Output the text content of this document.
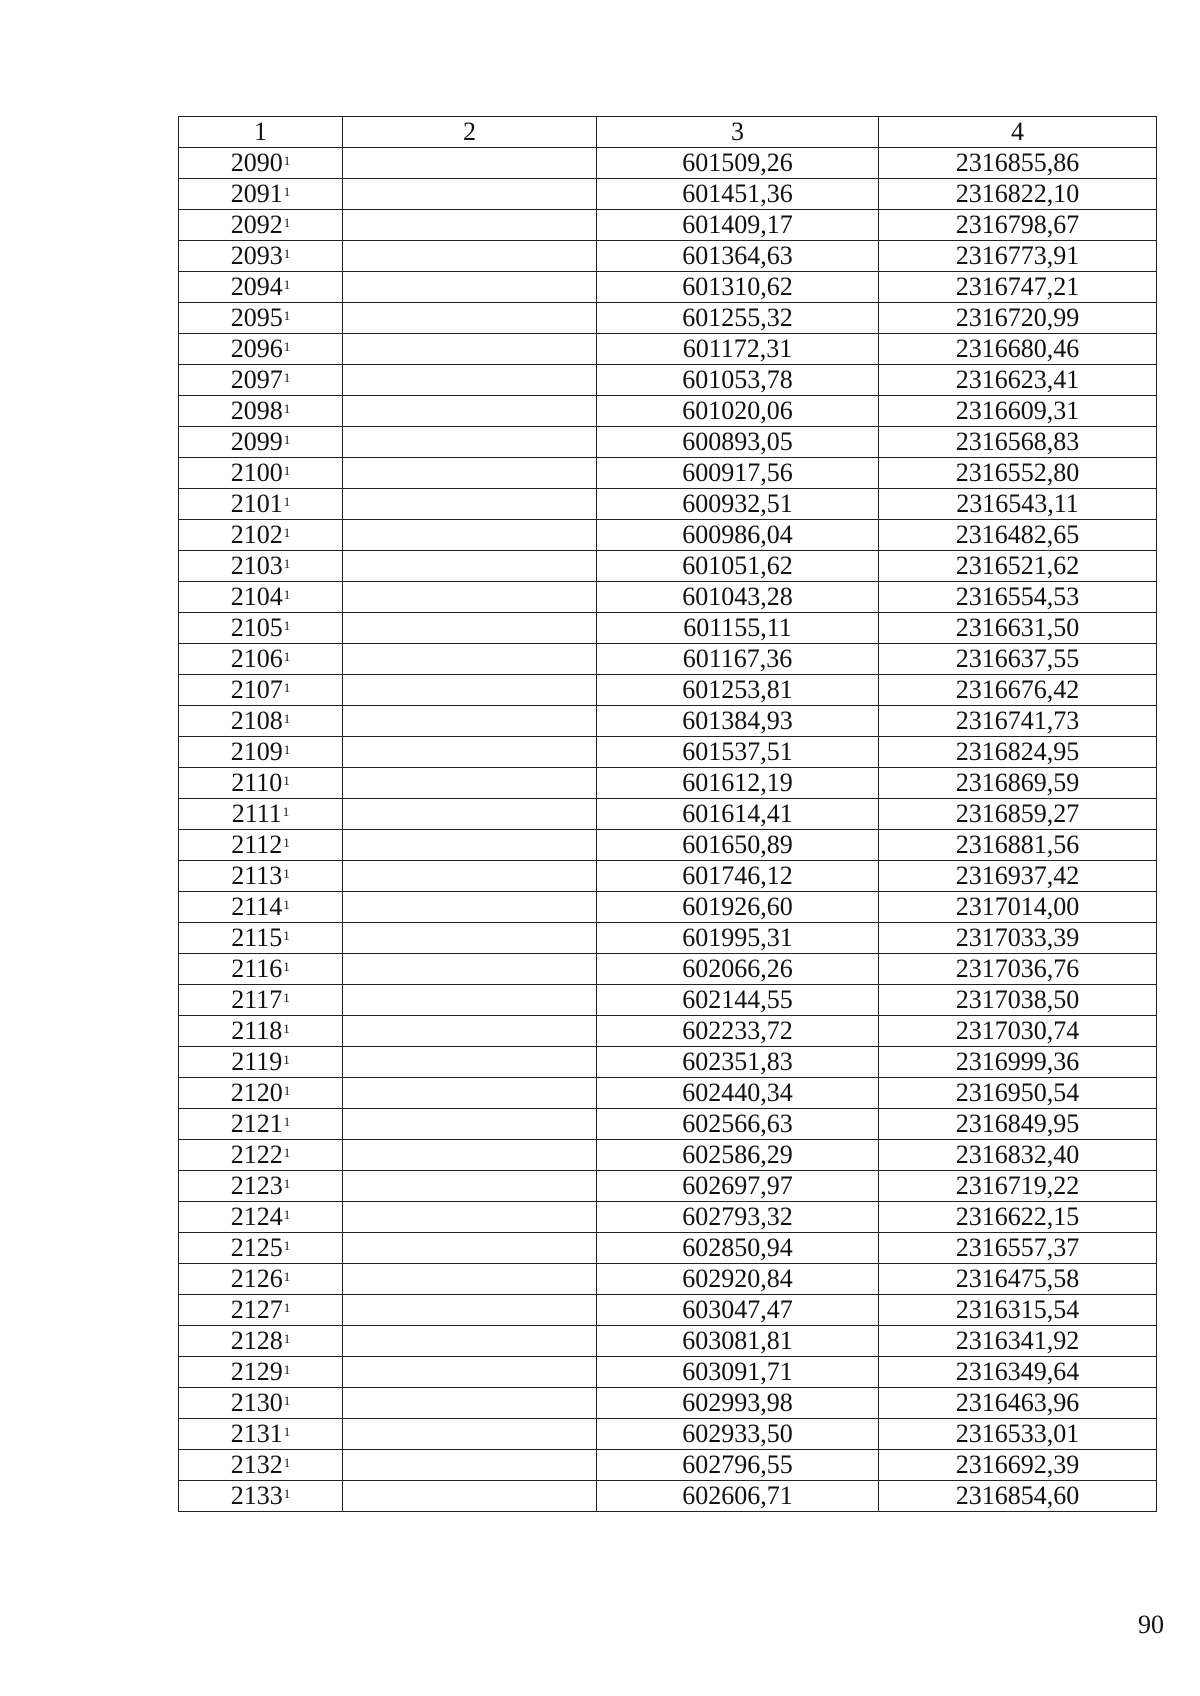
1	2	3	4
2090$^1$		601509,26	2316855,86
2091$^1$		601451,36	2316822,10
2092$^1$		601409,17	2316798,67
2093$^1$		601364,63	2316773,91
2094$^1$		601310,62	2316747,21
2095$^1$		601255,32	2316720,99
2096$^1$		601172,31	2316680,46
2097$^1$		601053,78	2316623,41
2098$^1$		601020,06	2316609,31
2099$^1$		600893,05	2316568,83
2100$^1$		600917,56	2316552,80
2101$^1$		600932,51	2316543,11
2102$^1$		600986,04	2316482,65
2103$^1$		601051,62	2316521,62
2104$^1$		601043,28	2316554,53
2105$^1$		601155,11	2316631,50
2106$^1$		601167,36	2316637,55
2107$^1$		601253,81	2316676,42
2108$^1$		601384,93	2316741,73
2109$^1$		601537,51	2316824,95
2110$^1$		601612,19	2316869,59
2111$^1$		601614,41	2316859,27
2112$^1$		601650,89	2316881,56
2113$^1$		601746,12	2316937,42
2114$^1$		601926,60	2317014,00
2115$^1$		601995,31	2317033,39
2116$^1$		602066,26	2317036,76
2117$^1$		602144,55	2317038,50
2118$^1$		602233,72	2317030,74
2119$^1$		602351,83	2316999,36
2120$^1$		602440,34	2316950,54
2121$^1$		602566,63	2316849,95
2122$^1$		602586,29	2316832,40
2123$^1$		602697,97	2316719,22
2124$^1$		602793,32	2316622,15
2125$^1$		602850,94	2316557,37
2126$^1$		602920,84	2316475,58
2127$^1$		603047,47	2316315,54
2128$^1$		603081,81	2316341,92
2129$^1$		603091,71	2316349,64
2130$^1$		602993,98	2316463,96
2131$^1$		602933,50	2316533,01
2132$^1$		602796,55	2316692,39
2133$^1$		602606,71	2316854,60
90
